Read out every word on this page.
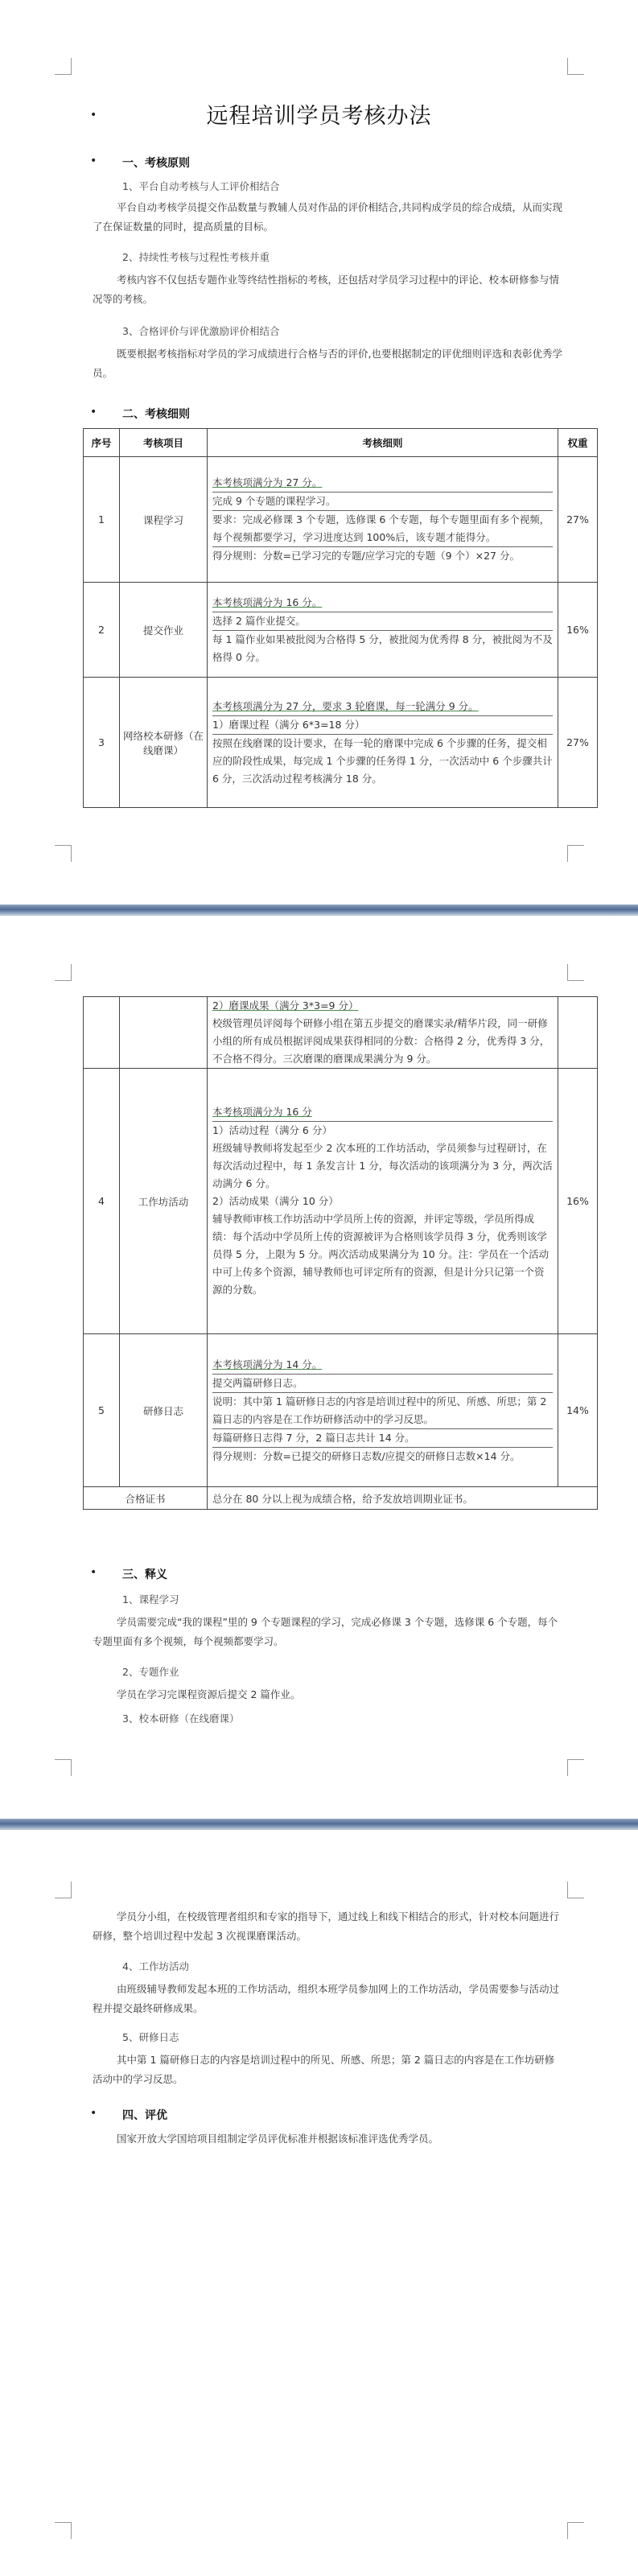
•	远程培训学员考核办法
• 一、考核原则
1、平台自动考核与人工评价相结合
平台自动考核学员提交作品数量与教辅人员对作品的评价相结合,共同构成学员的综合成绩，从而实现了在保证数量的同时，提高质量的目标。
2、持续性考核与过程性考核并重
考核内容不仅包括专题作业等终结性指标的考核，还包括对学员学习过程中的评论、校本研修参与情况等的考核。
3、合格评价与评优激励评价相结合
既要根据考核指标对学员的学习成绩进行合格与否的评价,也要根据制定的评优细则评选和表彰优秀学员。
• 二、考核细则
序号	考核项目	考核细则	权重
1	课程学习	本考核项满分为 27 分。
完成 9 个专题的课程学习。
要求：完成必修课 3 个专题，选修课 6 个专题，每个专题里面有多个视频，每个视频都要学习，学习进度达到 100%后，该专题才能得分。
得分规则：分数=已学习完的专题/应学习完的专题（9 个）×27 分。	27%
2	提交作业	本考核项满分为 16 分。
选择 2 篇作业提交。
每 1 篇作业如果被批阅为合格得 5 分，被批阅为优秀得 8 分，被批阅为不及格得 0 分。	16%
3	网络校本研修（在线磨课）	本考核项满分为 27 分，要求 3 轮磨课，每一轮满分 9 分。
1）磨课过程（满分 6*3=18 分）
按照在线磨课的设计要求，在每一轮的磨课中完成 6 个步骤的任务，提交相应的阶段性成果，每完成 1 个步骤的任务得 1 分，一次活动中 6 个步骤共计 6 分，三次活动过程考核满分 18 分。	27%

		2）磨课成果（满分 3*3=9 分）
校级管理员评阅每个研修小组在第五步提交的磨课实录/精华片段，同一研修小组的所有成员根据评阅成果获得相同的分数：合格得 2 分，优秀得 3 分，不合格不得分。三次磨课的磨课成果满分为 9 分。	

4	工作坊活动	本考核项满分为 16 分
1）活动过程（满分 6 分）
班级辅导教师将发起至少 2 次本班的工作坊活动，学员须参与过程研讨，在每次活动过程中，每 1 条发言计 1 分，每次活动的该项满分为 3 分，两次活动满分 6 分。
2）活动成果（满分 10 分）
辅导教师审核工作坊活动中学员所上传的资源，并评定等级，学员所得成绩：每个活动中学员所上传的资源被评为合格则该学员得 3 分，优秀则该学员得 5 分，上限为 5 分。两次活动成果满分为 10 分。注：学员在一个活动中可上传多个资源，辅导教师也可评定所有的资源，但是计分只记第一个资源的分数。	16%
5	研修日志	本考核项满分为 14 分。
提交两篇研修日志。
说明：其中第 1 篇研修日志的内容是培训过程中的所见、所感、所思；第 2 篇日志的内容是在工作坊研修活动中的学习反思。
每篇研修日志得 7 分，2 篇日志共计 14 分。
得分规则：分数=已提交的研修日志数/应提交的研修日志数×14 分。	14%
合格证书		总分在 80 分以上视为成绩合格，给予发放培训期业证书。	
• 三、释义
1、课程学习
学员需要完成“我的课程”里的 9 个专题课程的学习，完成必修课 3 个专题，选修课 6 个专题，每个专题里面有多个视频，每个视频都要学习。
2、专题作业
学员在学习完课程资源后提交 2 篇作业。
3、校本研修（在线磨课）
学员分小组，在校级管理者组织和专家的指导下，通过线上和线下相结合的形式，针对校本问题进行研修，整个培训过程中发起 3 次视课磨课活动。
4、工作坊活动
由班级辅导教师发起本班的工作坊活动，组织本班学员参加网上的工作坊活动，学员需要参与活动过程并提交最终研修成果。
5、研修日志
其中第 1 篇研修日志的内容是培训过程中的所见、所感、所思；第 2 篇日志的内容是在工作坊研修活动中的学习反思。
• 四、评优
国家开放大学国培项目组制定学员评优标准并根据该标准评选优秀学员。
